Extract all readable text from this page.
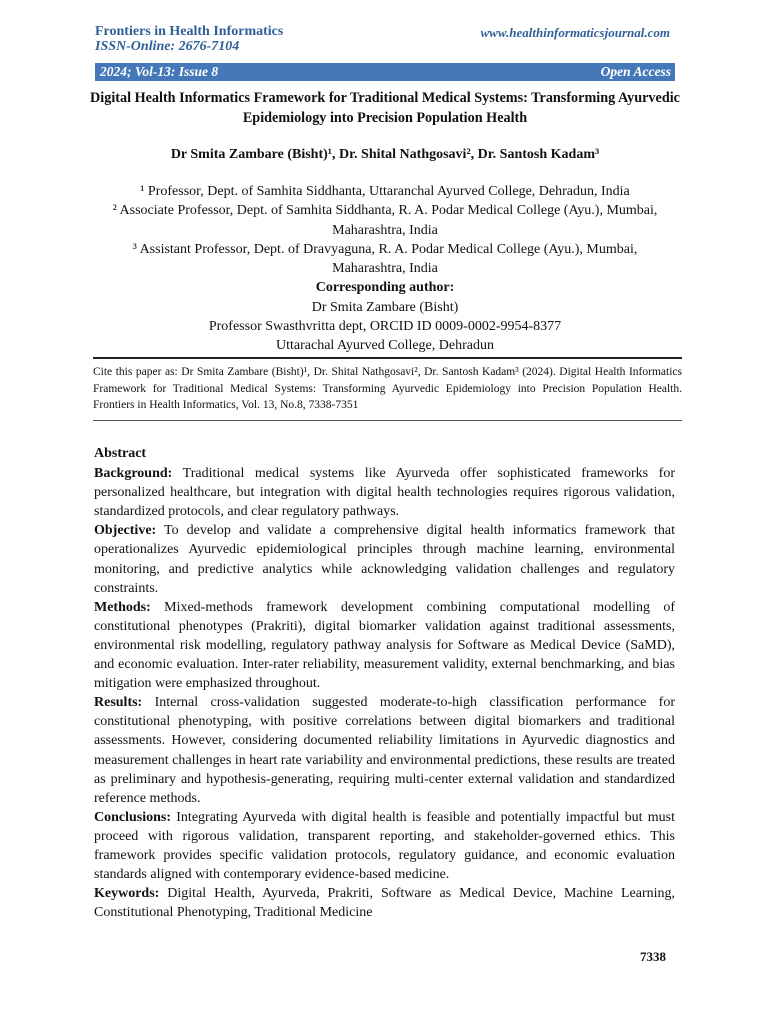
Frontiers in Health Informatics
ISSN-Online: 2676-7104
www.healthinformaticsjournal.com
2024; Vol-13: Issue 8	Open Access
Digital Health Informatics Framework for Traditional Medical Systems: Transforming Ayurvedic Epidemiology into Precision Population Health
Dr Smita Zambare (Bisht)¹, Dr. Shital Nathgosavi², Dr. Santosh Kadam³
¹ Professor, Dept. of Samhita Siddhanta, Uttaranchal Ayurved College, Dehradun, India
² Associate Professor, Dept. of Samhita Siddhanta, R. A. Podar Medical College (Ayu.), Mumbai, Maharashtra, India
³ Assistant Professor, Dept. of Dravyaguna, R. A. Podar Medical College (Ayu.), Mumbai, Maharashtra, India
Corresponding author:
Dr Smita Zambare (Bisht)
Professor Swasthvritta dept, ORCID ID 0009-0002-9954-8377
Uttarachal Ayurved College, Dehradun
Cite this paper as: Dr Smita Zambare (Bisht)¹, Dr. Shital Nathgosavi², Dr. Santosh Kadam³ (2024). Digital Health Informatics Framework for Traditional Medical Systems: Transforming Ayurvedic Epidemiology into Precision Population Health. Frontiers in Health Informatics, Vol. 13, No.8, 7338-7351

Abstract

Background: Traditional medical systems like Ayurveda offer sophisticated frameworks for personalized healthcare, but integration with digital health technologies requires rigorous validation, standardized protocols, and clear regulatory pathways.

Objective: To develop and validate a comprehensive digital health informatics framework that operationalizes Ayurvedic epidemiological principles through machine learning, environmental monitoring, and predictive analytics while acknowledging validation challenges and regulatory constraints.

Methods: Mixed-methods framework development combining computational modelling of constitutional phenotypes (Prakriti), digital biomarker validation against traditional assessments, environmental risk modelling, regulatory pathway analysis for Software as Medical Device (SaMD), and economic evaluation. Inter-rater reliability, measurement validity, external benchmarking, and bias mitigation were emphasized throughout.

Results: Internal cross-validation suggested moderate-to-high classification performance for constitutional phenotyping, with positive correlations between digital biomarkers and traditional assessments. However, considering documented reliability limitations in Ayurvedic diagnostics and measurement challenges in heart rate variability and environmental predictions, these results are treated as preliminary and hypothesis-generating, requiring multi-center external validation and standardized reference methods.

Conclusions: Integrating Ayurveda with digital health is feasible and potentially impactful but must proceed with rigorous validation, transparent reporting, and stakeholder-governed ethics. This framework provides specific validation protocols, regulatory guidance, and economic evaluation standards aligned with contemporary evidence-based medicine.

Keywords: Digital Health, Ayurveda, Prakriti, Software as Medical Device, Machine Learning, Constitutional Phenotyping, Traditional Medicine

7338
